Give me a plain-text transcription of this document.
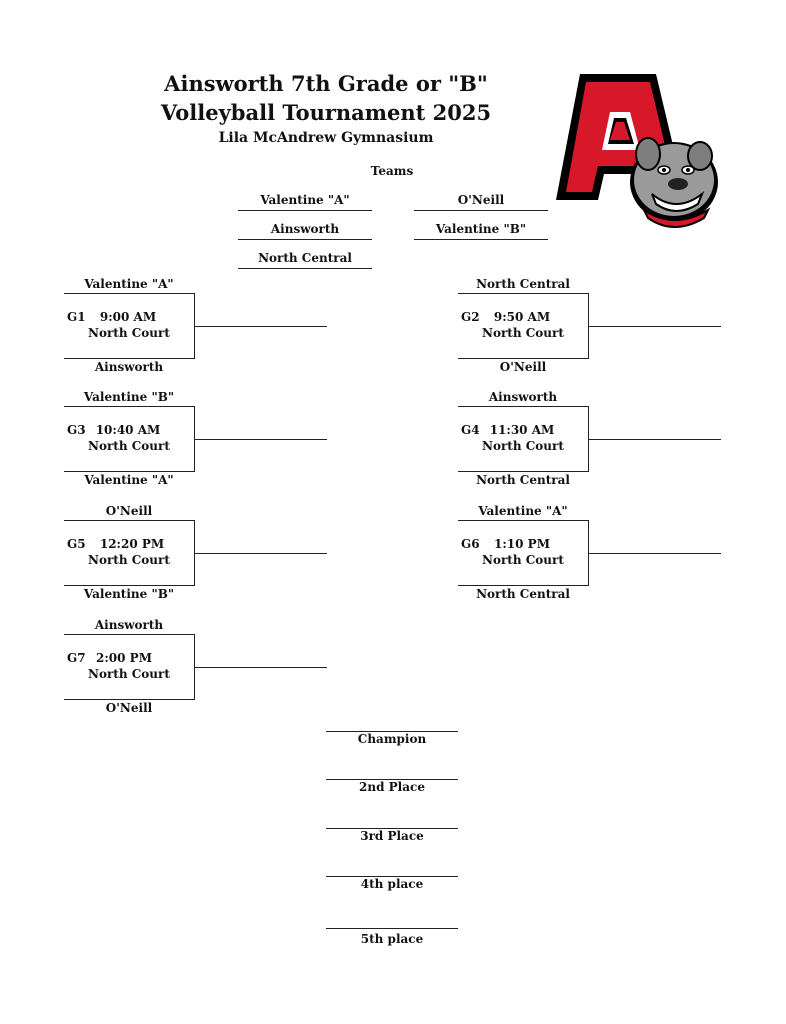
Ainsworth 7th Grade or "B"
Volleyball Tournament 2025
Lila McAndrew Gymnasium
Teams
Valentine "A"	O'Neill
Ainsworth	Valentine "B"
North Central
Valentine "A"
G1	9:00 AM
North Court
Ainsworth
North Central
G2	9:50 AM
North Court
O'Neill
Valentine "B"
G3 10:40 AM
North Court
Valentine "A"
Ainsworth
G4 11:30 AM
North Court
North Central
O'Neill
G5	12:20 PM
North Court
Valentine "B"
Valentine "A"
G6	1:10 PM
North Court
North Central
Ainsworth
G7 2:00 PM
North Court
O'Neill
Champion
2nd Place
3rd Place
4th place
5th place
